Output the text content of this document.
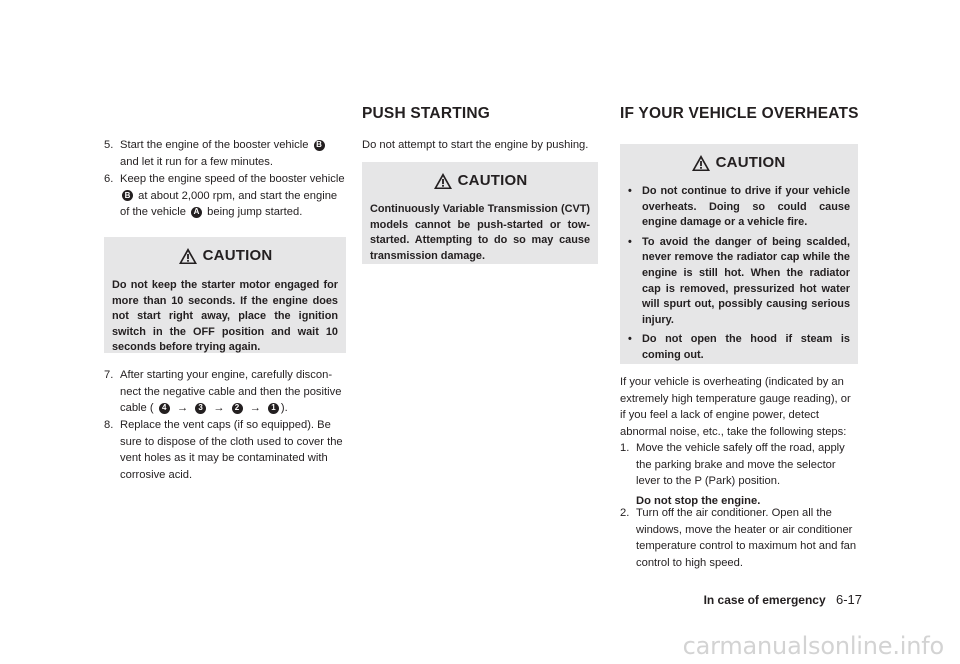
PUSH STARTING	IF YOUR VEHICLE OVERHEATS
5. Start the engine of the booster vehicle B and let it run for a few minutes.
6. Keep the engine speed of the booster vehicle B at about 2,000 rpm, and start the engine of the vehicle A being jump started.
CAUTION
Do not keep the starter motor engaged for more than 10 seconds. If the engine does not start right away, place the ignition switch in the OFF position and wait 10 seconds before trying again.
7. After starting your engine, carefully discon-nect the negative cable and then the positive cable ( 4 → 3 → 2 → 1 ).
8. Replace the vent caps (if so equipped). Be sure to dispose of the cloth used to cover the vent holes as it may be contaminated with corrosive acid.
Do not attempt to start the engine by pushing.
CAUTION
Continuously Variable Transmission (CVT) models cannot be push-started or tow-started. Attempting to do so may cause transmission damage.
CAUTION
• Do not continue to drive if your vehicle overheats. Doing so could cause engine damage or a vehicle fire.
• To avoid the danger of being scalded, never remove the radiator cap while the engine is still hot. When the radiator cap is removed, pressurized hot water will spurt out, possibly causing serious injury.
• Do not open the hood if steam is coming out.
If your vehicle is overheating (indicated by an extremely high temperature gauge reading), or if you feel a lack of engine power, detect abnormal noise, etc., take the following steps:
1. Move the vehicle safely off the road, apply the parking brake and move the selector lever to the P (Park) position.
Do not stop the engine.
2. Turn off the air conditioner. Open all the windows, move the heater or air conditioner temperature control to maximum hot and fan control to high speed.
In case of emergency 6-17
carmanualsonline.info
